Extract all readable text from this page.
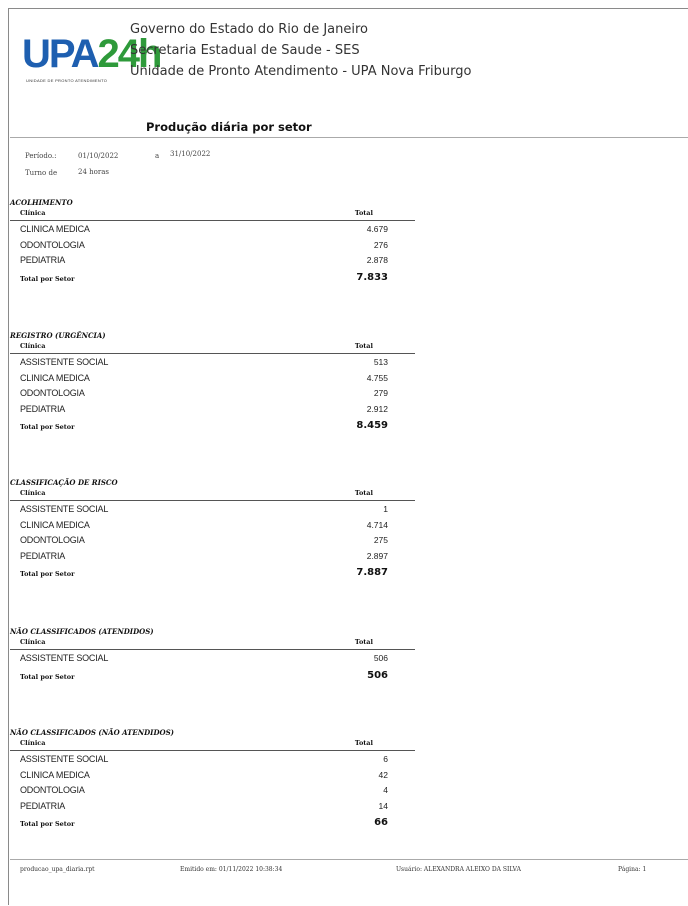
UPA24h
UNIDADE DE PRONTO ATENDIMENTO
Governo do Estado do Rio de Janeiro
Secretaria Estadual de Saude - SES
Unidade de Pronto Atendimento - UPA Nova Friburgo
Produção diária por setor
Período.:	01/10/2022	a 31/10/2022
Turno de	24 horas
ACOLHIMENTO
Clínica	Total
CLINICA MEDICA	4.679
ODONTOLOGIA	276
PEDIATRIA	2.878
Total por Setor	7.833
REGISTRO (URGÊNCIA)
Clínica	Total
ASSISTENTE SOCIAL	513
CLINICA MEDICA	4.755
ODONTOLOGIA	279
PEDIATRIA	2.912
Total por Setor	8.459
CLASSIFICAÇÃO DE RISCO
Clínica	Total
ASSISTENTE SOCIAL	1
CLINICA MEDICA	4.714
ODONTOLOGIA	275
PEDIATRIA	2.897
Total por Setor	7.887
NÃO CLASSIFICADOS (ATENDIDOS)
Clínica	Total
ASSISTENTE SOCIAL	506
Total por Setor	506
NÃO CLASSIFICADOS (NÃO ATENDIDOS)
Clínica	Total
ASSISTENTE SOCIAL	6
CLINICA MEDICA	42
ODONTOLOGIA	4
PEDIATRIA	14
Total por Setor	66
producao_upa_diaria.rpt	Emitido em: 01/11/2022 10:38:34	Usuário: ALEXANDRA ALEIXO DA SILVA	Página: 1
